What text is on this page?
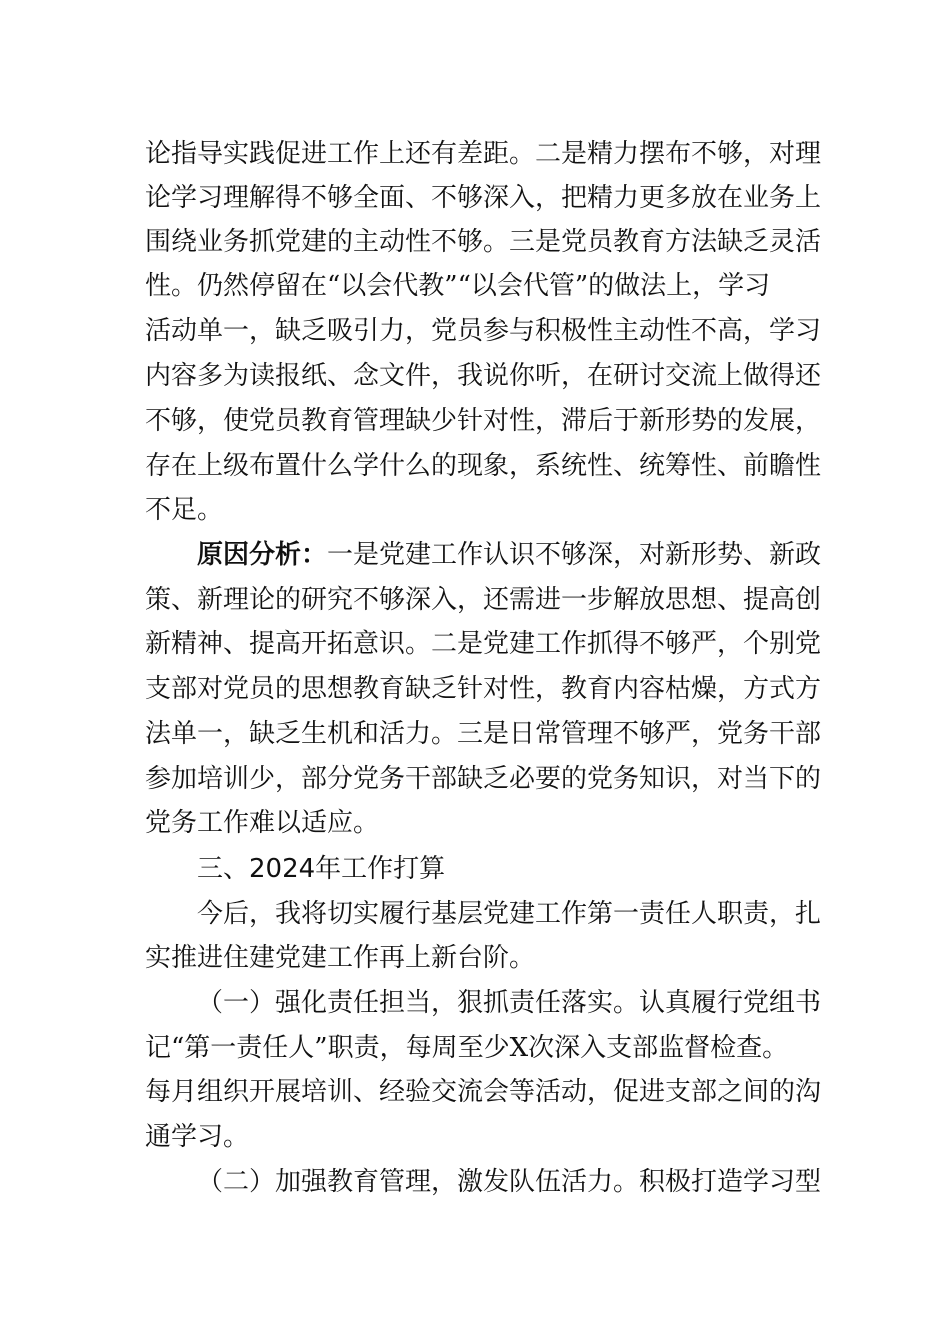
论指导实践促进工作上还有差距。二是精力摆布不够，对理
论学习理解得不够全面、不够深入，把精力更多放在业务上
围绕业务抓党建的主动性不够。三是党员教育方法缺乏灵活
性。仍然停留在“以会代教”“以会代管”的做法上，学习
活动单一，缺乏吸引力，党员参与积极性主动性不高，学习
内容多为读报纸、念文件，我说你听，在研讨交流上做得还
不够，使党员教育管理缺少针对性，滞后于新形势的发展，
存在上级布置什么学什么的现象，系统性、统筹性、前瞻性
不足。
原因分析：一是党建工作认识不够深，对新形势、新政
策、新理论的研究不够深入，还需进一步解放思想、提高创
新精神、提高开拓意识。二是党建工作抓得不够严，个别党
支部对党员的思想教育缺乏针对性，教育内容枯燥，方式方
法单一，缺乏生机和活力。三是日常管理不够严，党务干部
参加培训少，部分党务干部缺乏必要的党务知识，对当下的
党务工作难以适应。
三、2024年工作打算
今后，我将切实履行基层党建工作第一责任人职责，扎
实推进住建党建工作再上新台阶。
（一）强化责任担当，狠抓责任落实。认真履行党组书
记“第一责任人”职责，每周至少X次深入支部监督检查。
每月组织开展培训、经验交流会等活动，促进支部之间的沟
通学习。
（二）加强教育管理，激发队伍活力。积极打造学习型
